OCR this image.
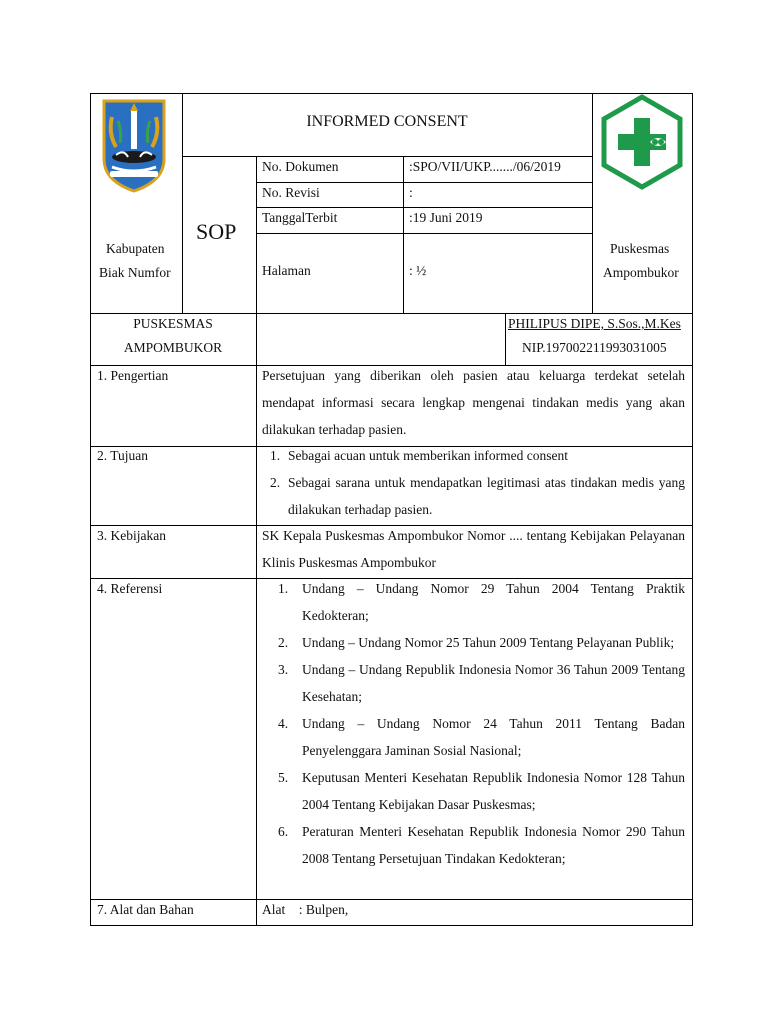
Kabupaten
Biak Numfor
INFORMED CONSENT
SOP
No. Dokumen	:SPO/VII/UKP......./06/2019
No. Revisi	:
TanggalTerbit	:19 Juni 2019
Halaman	: ½
Puskesmas
Ampombukor
PUSKESMAS
AMPOMBUKOR
PHILIPUS DIPE, S.Sos.,M.Kes
NIP.197002211993031005
1. Pengertian	Persetujuan yang diberikan oleh pasien atau keluarga terdekat setelah mendapat informasi secara lengkap mengenai tindakan medis yang akan dilakukan terhadap pasien.
2. Tujuan	1. Sebagai acuan untuk memberikan informed consent
2. Sebagai sarana untuk mendapatkan legitimasi atas tindakan medis yang dilakukan terhadap pasien.
3. Kebijakan	SK Kepala Puskesmas Ampombukor Nomor .... tentang Kebijakan Pelayanan Klinis Puskesmas Ampombukor
4. Referensi	1. Undang – Undang Nomor 29 Tahun 2004 Tentang Praktik Kedokteran;
2. Undang – Undang Nomor 25 Tahun 2009 Tentang Pelayanan Publik;
3. Undang – Undang Republik Indonesia Nomor 36 Tahun 2009 Tentang Kesehatan;
4. Undang – Undang Nomor 24 Tahun 2011 Tentang Badan Penyelenggara Jaminan Sosial Nasional;
5. Keputusan Menteri Kesehatan Republik Indonesia Nomor 128 Tahun 2004 Tentang Kebijakan Dasar Puskesmas;
6. Peraturan Menteri Kesehatan Republik Indonesia Nomor 290 Tahun 2008 Tentang Persetujuan Tindakan Kedokteran;
7. Alat dan Bahan	Alat    : Bulpen,
